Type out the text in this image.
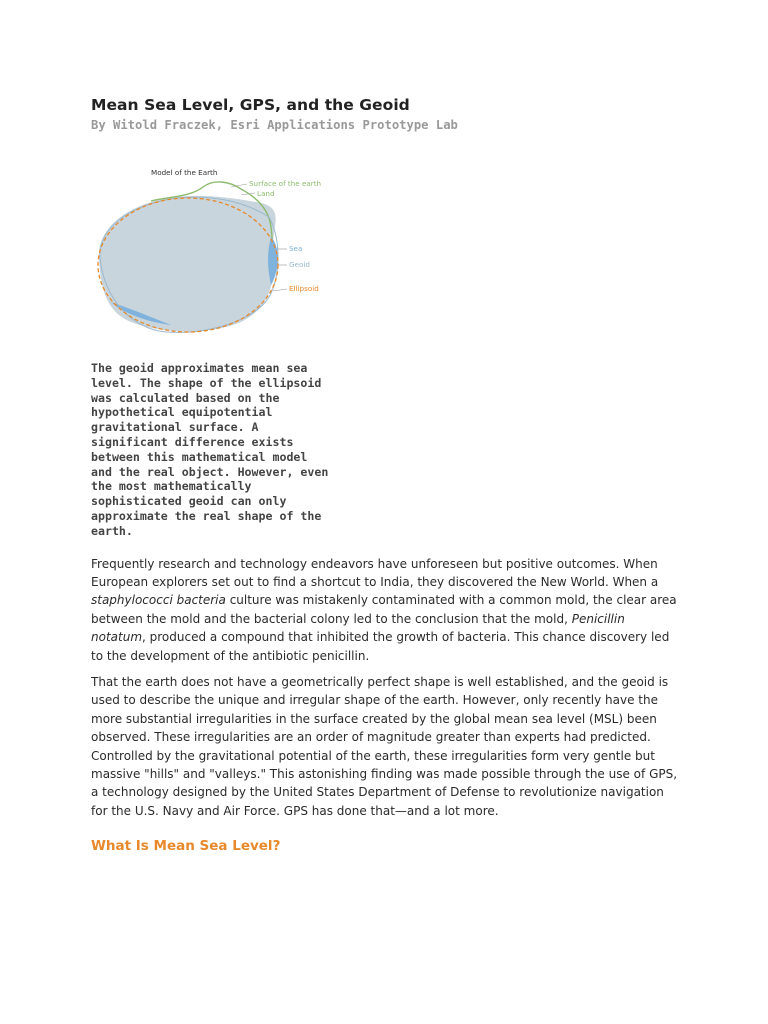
Mean Sea Level, GPS, and the Geoid
By Witold Fraczek, Esri Applications Prototype Lab
Model of the Earth
Surface of the earth
Land
Sea
Geoid
Ellipsoid
The geoid approximates mean sea level. The shape of the ellipsoid was calculated based on the hypothetical equipotential gravitational surface. A significant difference exists between this mathematical model and the real object. However, even the most mathematically sophisticated geoid can only approximate the real shape of the earth.

Frequently research and technology endeavors have unforeseen but positive outcomes. When European explorers set out to find a shortcut to India, they discovered the New World. When a staphylococci bacteria culture was mistakenly contaminated with a common mold, the clear area between the mold and the bacterial colony led to the conclusion that the mold, Penicillin notatum, produced a compound that inhibited the growth of bacteria. This chance discovery led to the development of the antibiotic penicillin.

That the earth does not have a geometrically perfect shape is well established, and the geoid is used to describe the unique and irregular shape of the earth. However, only recently have the more substantial irregularities in the surface created by the global mean sea level (MSL) been observed. These irregularities are an order of magnitude greater than experts had predicted. Controlled by the gravitational potential of the earth, these irregularities form very gentle but massive "hills" and "valleys." This astonishing finding was made possible through the use of GPS, a technology designed by the United States Department of Defense to revolutionize navigation for the U.S. Navy and Air Force. GPS has done that—and a lot more.

What Is Mean Sea Level?
